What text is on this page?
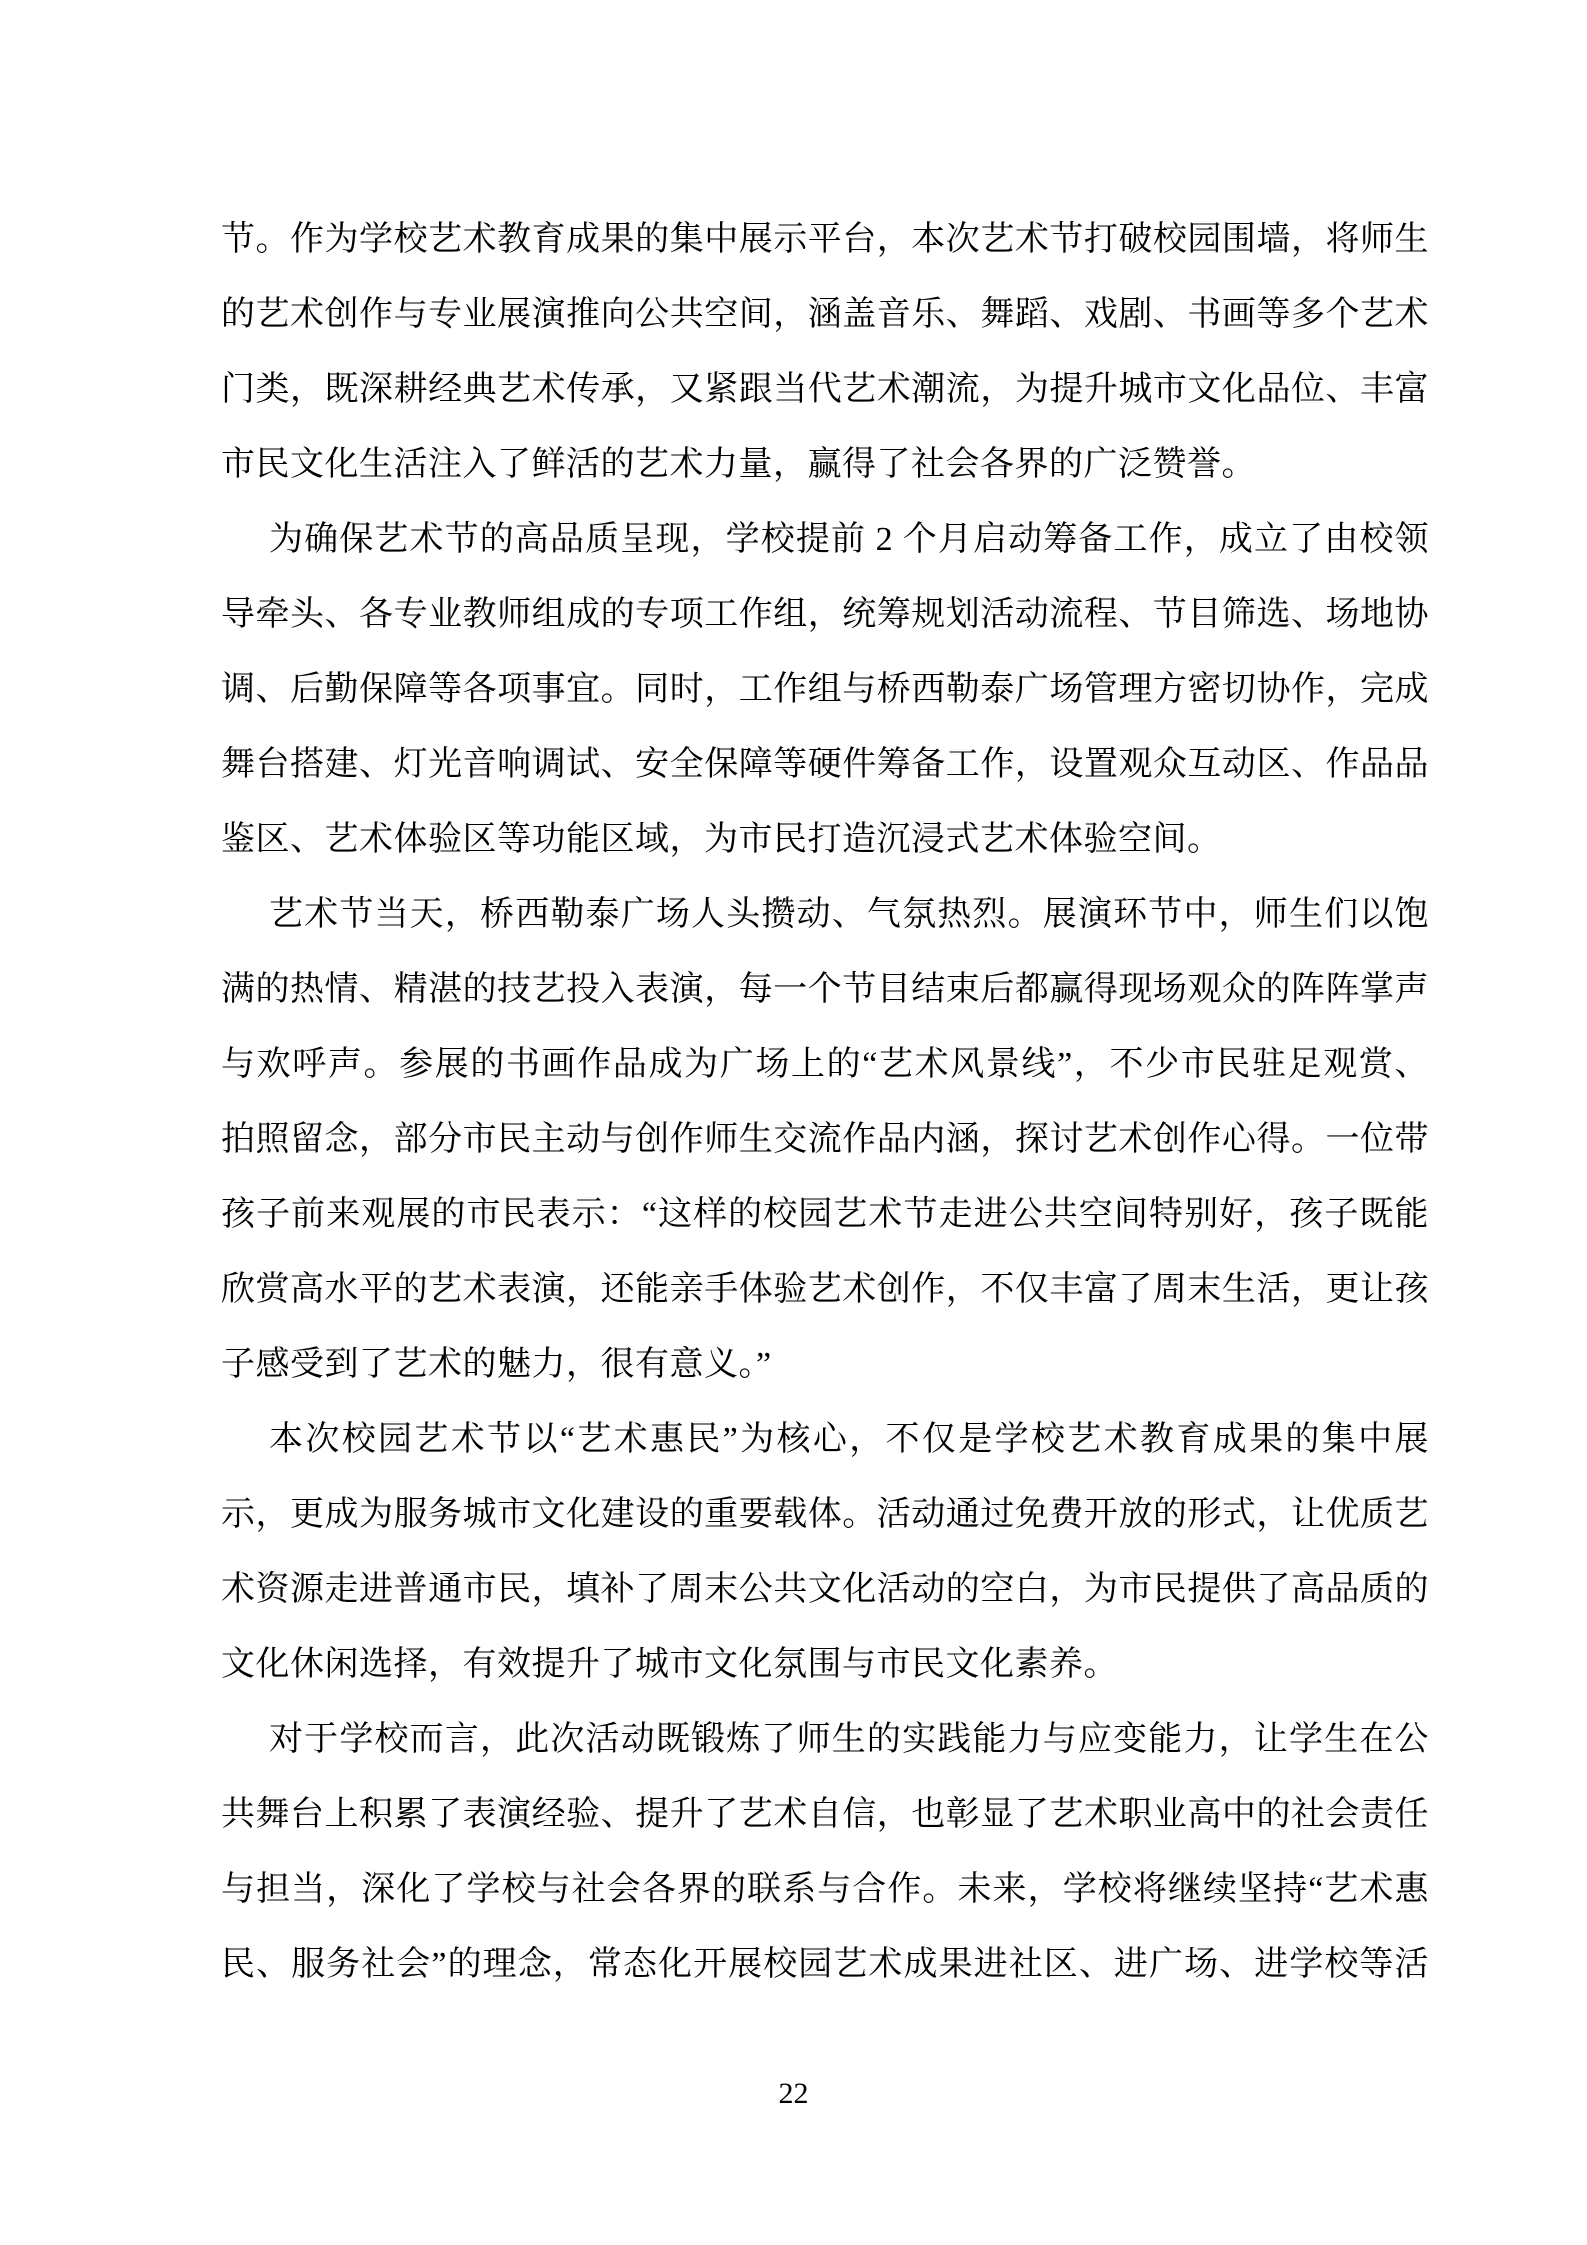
节。作为学校艺术教育成果的集中展示平台，本次艺术节打破校园围墙，将师生
的艺术创作与专业展演推向公共空间，涵盖音乐、舞蹈、戏剧、书画等多个艺术
门类，既深耕经典艺术传承，又紧跟当代艺术潮流，为提升城市文化品位、丰富
市民文化生活注入了鲜活的艺术力量，赢得了社会各界的广泛赞誉。
为确保艺术节的高品质呈现，学校提前 2 个月启动筹备工作，成立了由校领
导牵头、各专业教师组成的专项工作组，统筹规划活动流程、节目筛选、场地协
调、后勤保障等各项事宜。同时，工作组与桥西勒泰广场管理方密切协作，完成
舞台搭建、灯光音响调试、安全保障等硬件筹备工作，设置观众互动区、作品品
鉴区、艺术体验区等功能区域，为市民打造沉浸式艺术体验空间。
艺术节当天，桥西勒泰广场人头攒动、气氛热烈。展演环节中，师生们以饱
满的热情、精湛的技艺投入表演，每一个节目结束后都赢得现场观众的阵阵掌声
与欢呼声。参展的书画作品成为广场上的“艺术风景线”，不少市民驻足观赏、
拍照留念，部分市民主动与创作师生交流作品内涵，探讨艺术创作心得。一位带
孩子前来观展的市民表示：“这样的校园艺术节走进公共空间特别好，孩子既能
欣赏高水平的艺术表演，还能亲手体验艺术创作，不仅丰富了周末生活，更让孩
子感受到了艺术的魅力，很有意义。”
本次校园艺术节以“艺术惠民”为核心，不仅是学校艺术教育成果的集中展
示，更成为服务城市文化建设的重要载体。活动通过免费开放的形式，让优质艺
术资源走进普通市民，填补了周末公共文化活动的空白，为市民提供了高品质的
文化休闲选择，有效提升了城市文化氛围与市民文化素养。
对于学校而言，此次活动既锻炼了师生的实践能力与应变能力，让学生在公
共舞台上积累了表演经验、提升了艺术自信，也彰显了艺术职业高中的社会责任
与担当，深化了学校与社会各界的联系与合作。未来，学校将继续坚持“艺术惠
民、服务社会”的理念，常态化开展校园艺术成果进社区、进广场、进学校等活
22
